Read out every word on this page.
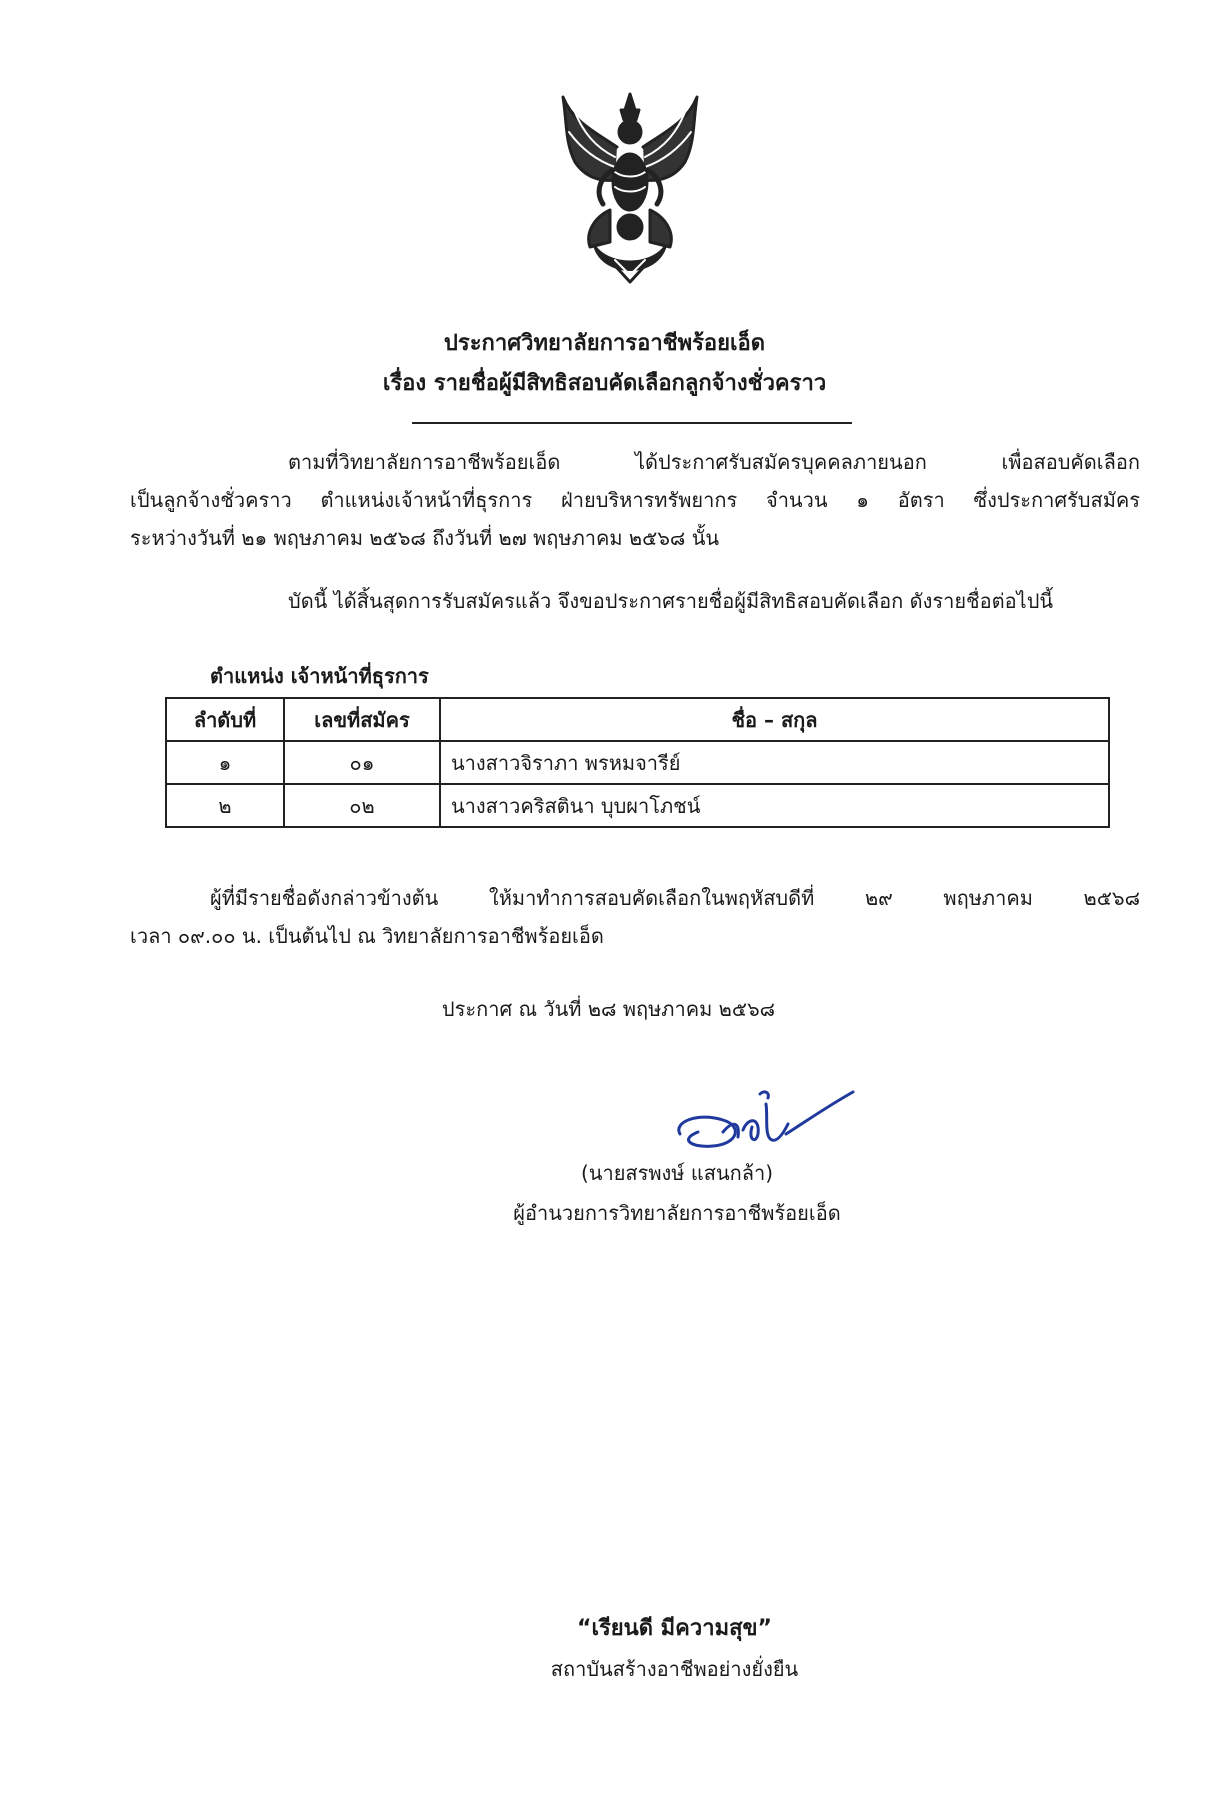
ประกาศวิทยาลัยการอาชีพร้อยเอ็ด
เรื่อง รายชื่อผู้มีสิทธิสอบคัดเลือกลูกจ้างชั่วคราว
ตามที่วิทยาลัยการอาชีพร้อยเอ็ด ได้ประกาศรับสมัครบุคคลภายนอก เพื่อสอบคัดเลือก
เป็นลูกจ้างชั่วคราว ตำแหน่งเจ้าหน้าที่ธุรการ ฝ่ายบริหารทรัพยากร จำนวน ๑ อัตรา ซึ่งประกาศรับสมัคร
ระหว่างวันที่ ๒๑ พฤษภาคม ๒๕๖๘ ถึงวันที่ ๒๗ พฤษภาคม ๒๕๖๘ นั้น
บัดนี้ ได้สิ้นสุดการรับสมัครแล้ว จึงขอประกาศรายชื่อผู้มีสิทธิสอบคัดเลือก ดังรายชื่อต่อไปนี้
ตำแหน่ง เจ้าหน้าที่ธุรการ
ลำดับที่	เลขที่สมัคร	ชื่อ – สกุล
๑	๐๑	นางสาวจิราภา พรหมจารีย์
๒	๐๒	นางสาวคริสตินา บุบผาโภชน์
ผู้ที่มีรายชื่อดังกล่าวข้างต้น ให้มาทำการสอบคัดเลือกในพฤหัสบดีที่ ๒๙ พฤษภาคม ๒๕๖๘
เวลา ๐๙.๐๐ น. เป็นต้นไป ณ วิทยาลัยการอาชีพร้อยเอ็ด
ประกาศ ณ วันที่ ๒๘ พฤษภาคม ๒๕๖๘
(นายสรพงษ์ แสนกล้า)
ผู้อำนวยการวิทยาลัยการอาชีพร้อยเอ็ด
“เรียนดี มีความสุข”
สถาบันสร้างอาชีพอย่างยั่งยืน
